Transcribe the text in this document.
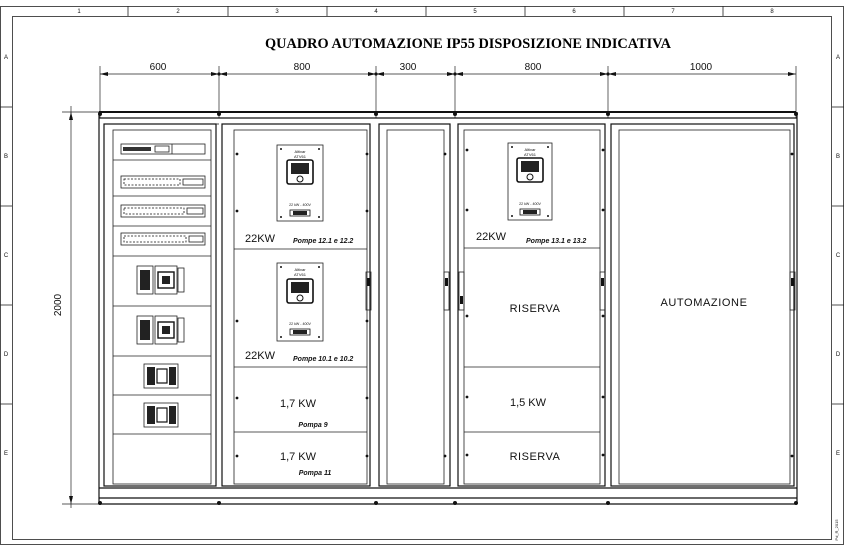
1	2	3	4	5	6	7	8
A
B
C
D
E
A
B
C
D
E
Pd_R_2015
QUADRO AUTOMAZIONE IP55 DISPOSIZIONE INDICATIVA
600	800	300	800	1000
2000
Altivar
ATV61
22 kW - 400V
22KW	Pompe 12.1 e 12.2
Altivar
ATV61
22 kW - 400V
22KW	Pompe 10.1 e 10.2
1,7 KW
Pompa 9
1,7 KW
Pompa 11
Altivar
ATV61
22 kW - 400V
22KW	Pompe 13.1 e 13.2
RISERVA
1,5 KW
RISERVA
AUTOMAZIONE
